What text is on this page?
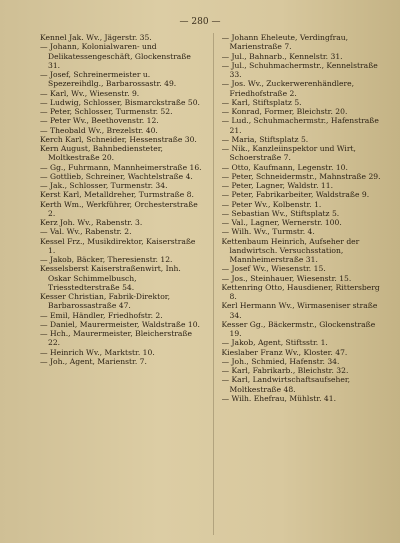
— 280 —
Kennel Jak. Wv., Jägerstr. 35.
— Johann, Kolonialwaren- und Delikatessengeschäft, Glockenstraße 31.
— Josef, Schreinermeister u. Spezereihdlg., Barbarossastr. 49.
— Karl, Wv., Wiesenstr. 9.
— Ludwig, Schlosser, Bismarckstraße 50.
— Peter, Schlosser, Turmenstr. 52.
— Peter Wv., Beethovenstr. 12.
— Theobald Wv., Brezelstr. 40.
Kerch Karl, Schneider, Hessenstraße 30.
Kern August, Bahnbediensteter, Moltkestraße 20.
— Gg., Fuhrmann, Mannheimerstraße 16.
— Gottlieb, Schreiner, Wachtelstraße 4.
— Jak., Schlosser, Turmenstr. 34.
Kerst Karl, Metalldreher, Turmstraße 8.
Kerth Wm., Werkführer, Orchesterstraße 2.
Kerz Joh. Wv., Rabenstr. 3.
— Val. Wv., Rabenstr. 2.
Kessel Frz., Musikdirektor, Kaiserstraße 1.
— Jakob, Bäcker, Theresienstr. 12.
Kesselsberst Kaiserstraßenwirt, Inh. Oskar Schimmelbusch, Triesstedterstraße 54.
Kesser Christian, Fabrik-Direktor, Barbarossastraße 47.
— Emil, Händler, Friedhofstr. 2.
— Daniel, Maurermeister, Waldstraße 10.
— Hch., Maurermeister, Bleicherstraße 22.
— Heinrich Wv., Marktstr. 10.
— Joh., Agent, Marienstr. 7.
— Johann Eheleute, Verdingfrau, Marienstraße 7.
— Jul., Bahnarb., Kennelstr. 31.
— Jul., Schuhmachermstr., Kennelstraße 33.
— Jos. Wv., Zuckerwerenhändlere, Friedhofstraße 2.
— Karl, Stiftsplatz 5.
— Konrad, Former, Bleichstr. 20.
— Lud., Schuhmachermstr., Hafenstraße 21.
— Maria, Stiftsplatz 5.
— Nik., Kanzleiinspektor und Wirt, Schoerstraße 7.
— Otto, Kaufmann, Legenstr. 10.
— Peter, Schneidermstr., Mahnstraße 29.
— Peter, Lagner, Waldstr. 11.
— Peter, Fabrikarbeiter, Waldstraße 9.
— Peter Wv., Kolbenstr. 1.
— Sebastian Wv., Stiftsplatz 5.
— Val., Lagner, Wernerstr. 100.
— Wilh. Wv., Turmstr. 4.
Kettenbaum Heinrich, Aufseher der landwirtsch. Versuchsstation, Mannheimerstraße 31.
— Josef Wv., Wiesenstr. 15.
— Jos., Steinhauer, Wiesenstr. 15.
Kettenring Otto, Hausdiener, Rittersberg 8.
Kerl Hermann Wv., Wirmaseniser straße 34.
Kesser Gg., Bäckermstr., Glockenstraße 19.
— Jakob, Agent, Stiftsstr. 1.
Kieslaber Franz Wv., Kloster. 47.
— Joh., Schmied, Hafenstr. 34.
— Karl, Fabrikarb., Bleichstr. 32.
— Karl, Landwirtschaftsaufseher, Moltkestraße 48.
— Wilh. Ehefrau, Mühlstr. 41.
